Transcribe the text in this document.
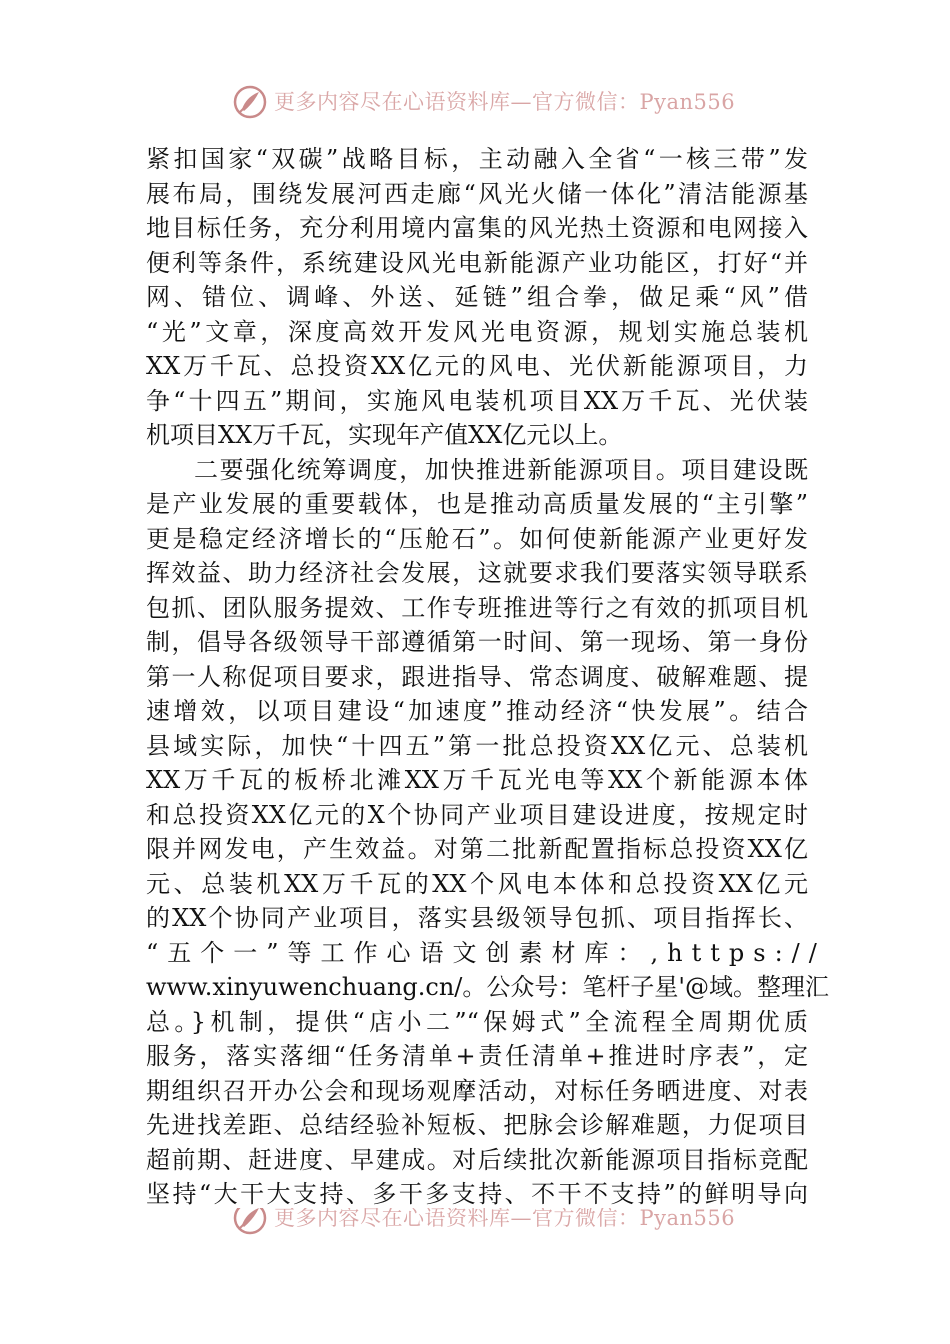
更多内容尽在心语资料库—官方微信：Pyan556
紧扣国家“双碳”战略目标，主动融入全省“一核三带”发
展布局，围绕发展河西走廊“风光火储一体化”清洁能源基
地目标任务，充分利用境内富集的风光热土资源和电网接入
便利等条件，系统建设风光电新能源产业功能区，打好“并
网、错位、调峰、外送、延链”组合拳，做足乘“风”借
“光”文章，深度高效开发风光电资源，规划实施总装机
XX万千瓦、总投资XX亿元的风电、光伏新能源项目，力
争“十四五”期间，实施风电装机项目XX万千瓦、光伏装
机项目XX万千瓦，实现年产值XX亿元以上。
二要强化统筹调度，加快推进新能源项目。项目建设既
是产业发展的重要载体，也是推动高质量发展的“主引擎”
更是稳定经济增长的“压舱石”。如何使新能源产业更好发
挥效益、助力经济社会发展，这就要求我们要落实领导联系
包抓、团队服务提效、工作专班推进等行之有效的抓项目机
制，倡导各级领导干部遵循第一时间、第一现场、第一身份
第一人称促项目要求，跟进指导、常态调度、破解难题、提
速增效，以项目建设“加速度”推动经济“快发展”。结合
县域实际，加快“十四五”第一批总投资XX亿元、总装机
XX万千瓦的板桥北滩XX万千瓦光电等XX个新能源本体
和总投资XX亿元的X个协同产业项目建设进度，按规定时
限并网发电，产生效益。对第二批新配置指标总投资XX亿
元、总装机XX万千瓦的XX个风电本体和总投资XX亿元
的XX个协同产业项目，落实县级领导包抓、项目指挥长、
“五个一”等工作心语文创素材库：,https://
www.xinyuwenchuang.cn/。公众号：笔杆子星'@域。整理汇
总。}机制，提供“店小二”“保姆式”全流程全周期优质
服务，落实落细“任务清单+责任清单+推进时序表”，定
期组织召开办公会和现场观摩活动，对标任务晒进度、对表
先进找差距、总结经验补短板、把脉会诊解难题，力促项目
超前期、赶进度、早建成。对后续批次新能源项目指标竞配
坚持“大干大支持、多干多支持、不干不支持”的鲜明导向
更多内容尽在心语资料库—官方微信：Pyan556
